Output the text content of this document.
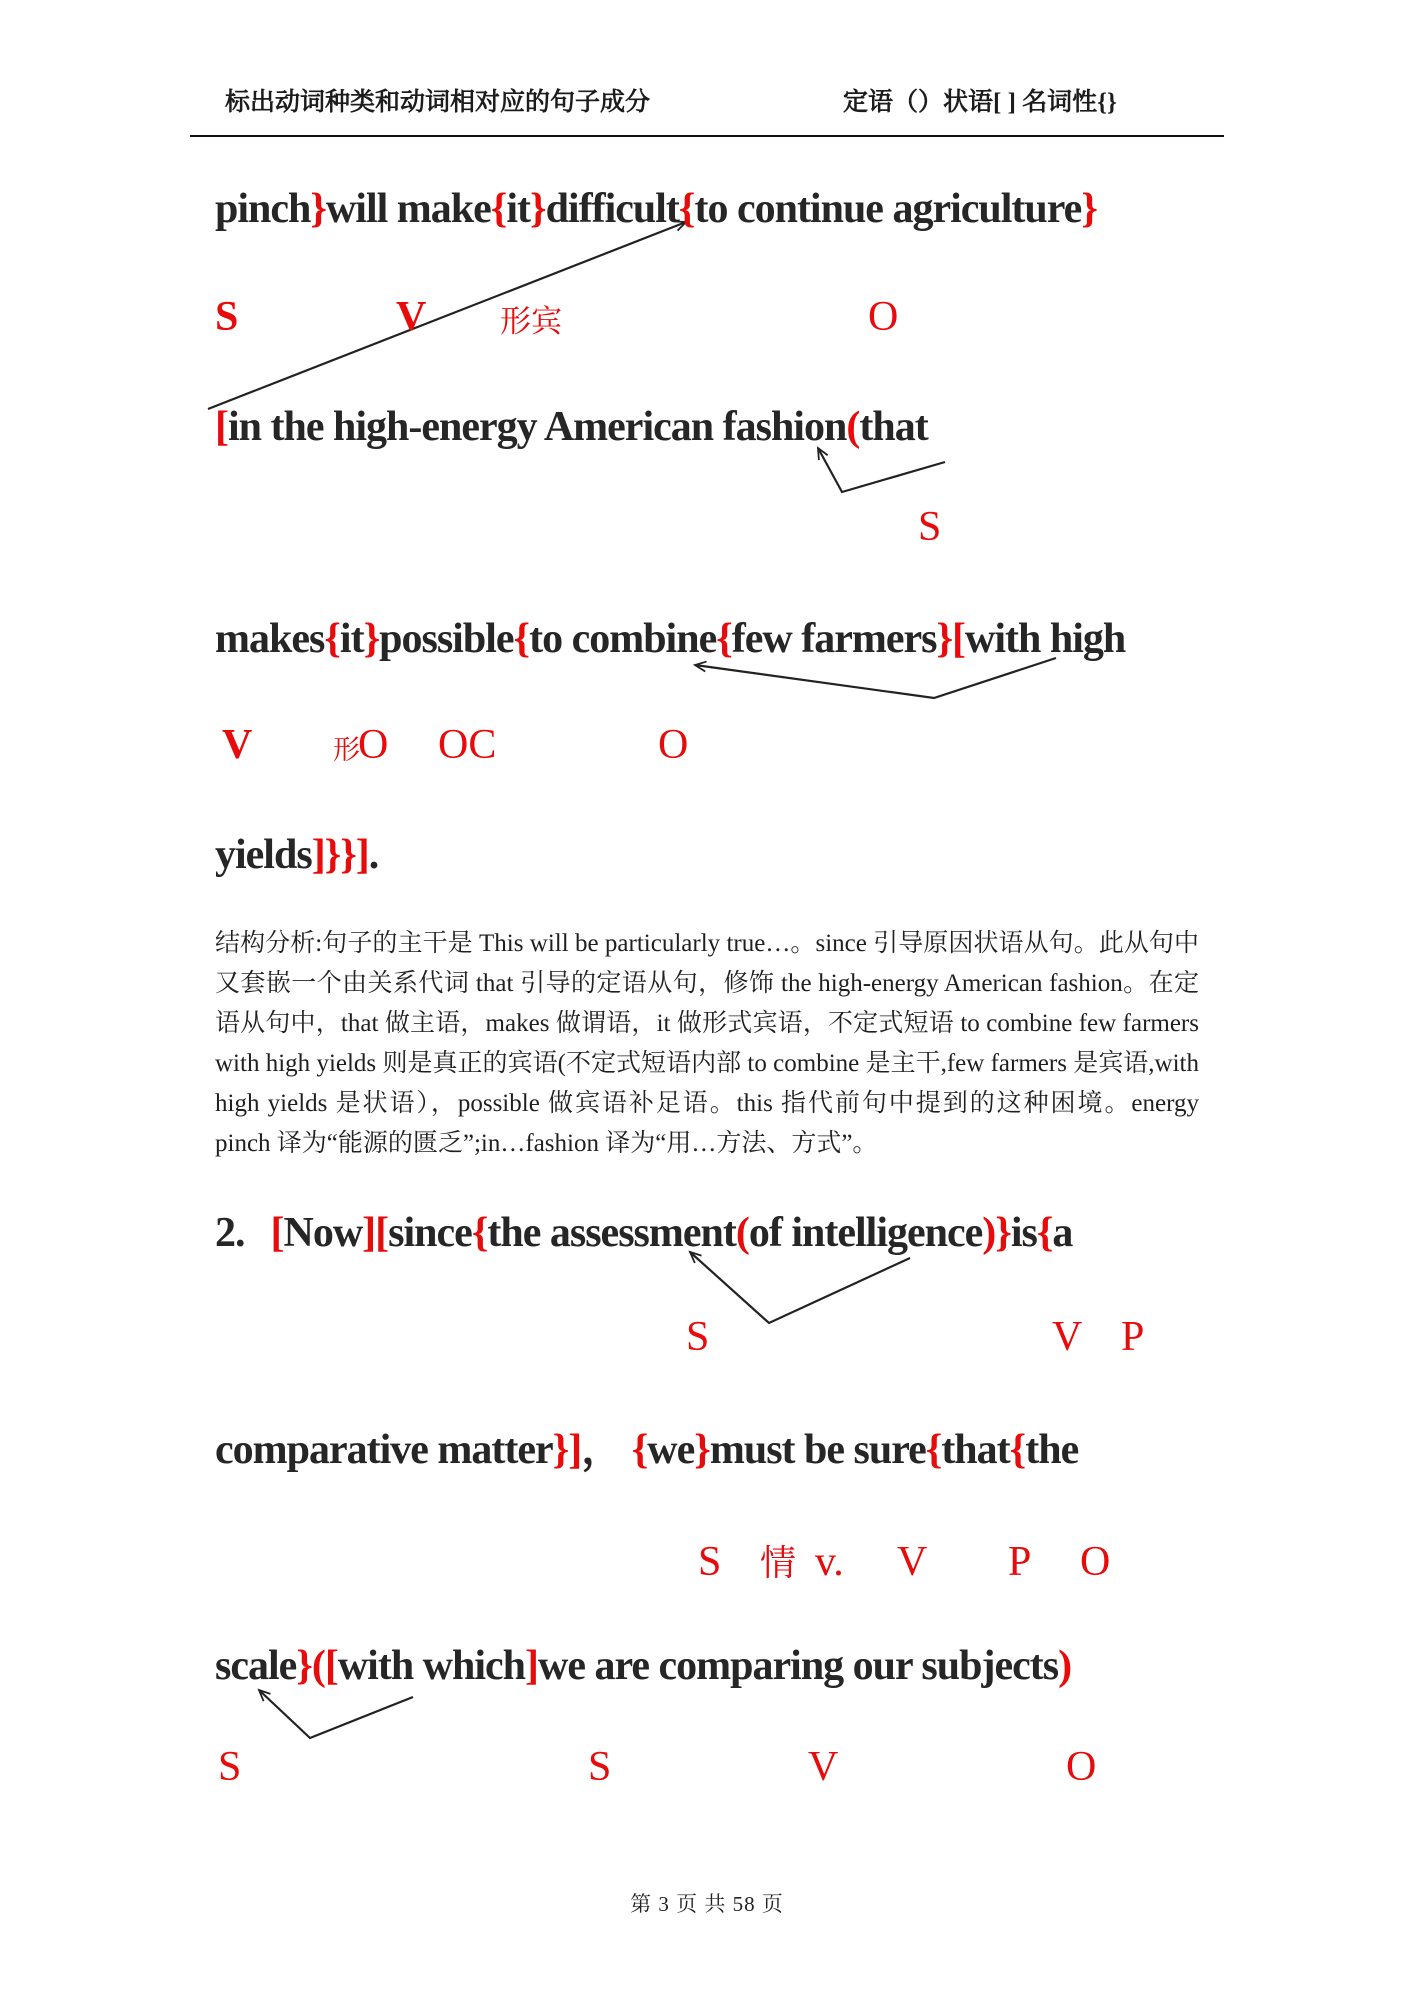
标出动词种类和动词相对应的句子成分	定语（）状语[ ] 名词性{}
pinch}will make{it}difficult{to continue agriculture}
S	V 形宾	O
[in the high-energy American fashion(that
S
makes{it}possible{to combine{few farmers}[with high
V	形
O OC	O
yields]}}].
结构分析:句子的主干是 This will be particularly true…。since 引导原因状语从句。此从句中又套嵌一个由关系代词 that 引导的定语从句，修饰 the high-energy American fashion。在定语从句中，that 做主语，makes 做谓语，it 做形式宾语，不定式短语 to combine few farmers with high yields 则是真正的宾语(不定式短语内部 to combine 是主干,few farmers 是宾语,with high yields 是状语），possible 做宾语补足语。this 指代前句中提到的这种困境。energy pinch 译为“能源的匮乏”;in…fashion 译为“用…方法、方式”。
2. [Now][since{the assessment(of intelligence)}is{a
S	V P
comparative matter}]， {we}must be sure{that{the
S 情 v. V P O
scale}([with which]we are comparing our subjects)
S	S	V	O
第 3 页 共 58 页
